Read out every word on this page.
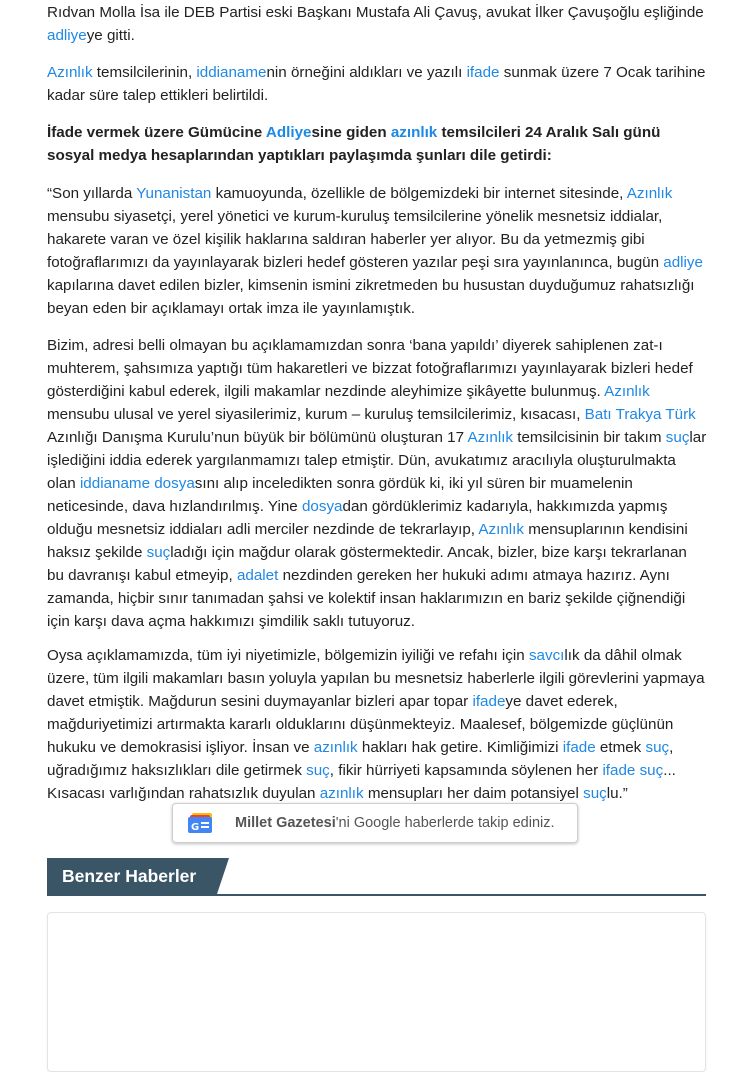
Rıdvan Molla İsa ile DEB Partisi eski Başkanı Mustafa Ali Çavuş, avukat İlker Çavuşoğlu eşliğinde adliyeye gitti.

Azınlık temsilcilerinin, iddianamenin örneğini aldıkları ve yazılı ifade sunmak üzere 7 Ocak tarihine kadar süre talep ettikleri belirtildi.

İfade vermek üzere Gümücine Adliyesine giden azınlık temsilcileri 24 Aralık Salı günü sosyal medya hesaplarından yaptıkları paylaşımda şunları dile getirdi:

“Son yıllarda Yunanistan kamuoyunda, özellikle de bölgemizdeki bir internet sitesinde, Azınlık mensubu siyasetçi, yerel yönetici ve kurum-kuruluş temsilcilerine yönelik mesnetsiz iddialar, hakarete varan ve özel kişilik haklarına saldıran haberler yer alıyor. Bu da yetmezmiş gibi fotoğraflarımızı da yayınlayarak bizleri hedef gösteren yazılar peşi sıra yayınlanınca, bugün adliye kapılarına davet edilen bizler, kimsenin ismini zikretmeden bu husustan duyduğumuz rahatsızlığı beyan eden bir açıklamayı ortak imza ile yayınlamıştık.

Bizim, adresi belli olmayan bu açıklamamızdan sonra ‘bana yapıldı’ diyerek sahiplenen zat-ı muhterem, şahsımıza yaptığı tüm hakaretleri ve bizzat fotoğraflarımızı yayınlayarak bizleri hedef gösterdiğini kabul ederek, ilgili makamlar nezdinde aleyhimize şikâyette bulunmuş. Azınlık mensubu ulusal ve yerel siyasilerimiz, kurum – kuruluş temsilcilerimiz, kısacası, Batı Trakya Türk Azınlığı Danışma Kurulu’nun büyük bir bölümünü oluşturan 17 Azınlık temsilcisinin bir takım suçlar işlediğini iddia ederek yargılanmamızı talep etmiştir. Dün, avukatımız aracılıyla oluşturulmakta olan iddianame dosyasını alıp inceledikten sonra gördük ki, iki yıl süren bir muamelenin neticesinde, dava hızlandırılmış. Yine dosyadan gördüklerimiz kadarıyla, hakkımızda yapmış olduğu mesnetsiz iddiaları adli merciler nezdinde de tekrarlayıp, Azınlık mensuplarının kendisini haksız şekilde suçladığı için mağdur olarak göstermektedir. Ancak, bizler, bize karşı tekrarlanan bu davranışı kabul etmeyip, adalet nezdinden gereken her hukuki adımı atmaya hazırız. Aynı zamanda, hiçbir sınır tanımadan şahsi ve kolektif insan haklarımızın en bariz şekilde çiğnendiği için karşı dava açma hakkımızı şimdilik saklı tutuyoruz.

Oysa açıklamamızda, tüm iyi niyetimizle, bölgemizin iyiliği ve refahı için savcılık da dâhil olmak üzere, tüm ilgili makamları basın yoluyla yapılan bu mesnetsiz haberlerle ilgili görevlerini yapmaya davet etmiştik. Mağdurun sesini duymayanlar bizleri apar topar ifadeye davet ederek, mağduriyetimizi artırmakta kararlı olduklarını düşünmekteyiz. Maalesef, bölgemizde güçlünün hukuku ve demokrasisi işliyor. İnsan ve azınlık hakları hak getire. Kimliğimizi ifade etmek suç, uğradığımız haksızlıkları dile getirmek suç, fikir hürriyeti kapsamında söylenen her ifade suç... Kısacası varlığından rahatsızlık duyulan azınlık mensupları her daim potansiyel suçlu.”

G Millet Gazetesi'ni Google haberlerde takip ediniz.
Benzer Haberler
